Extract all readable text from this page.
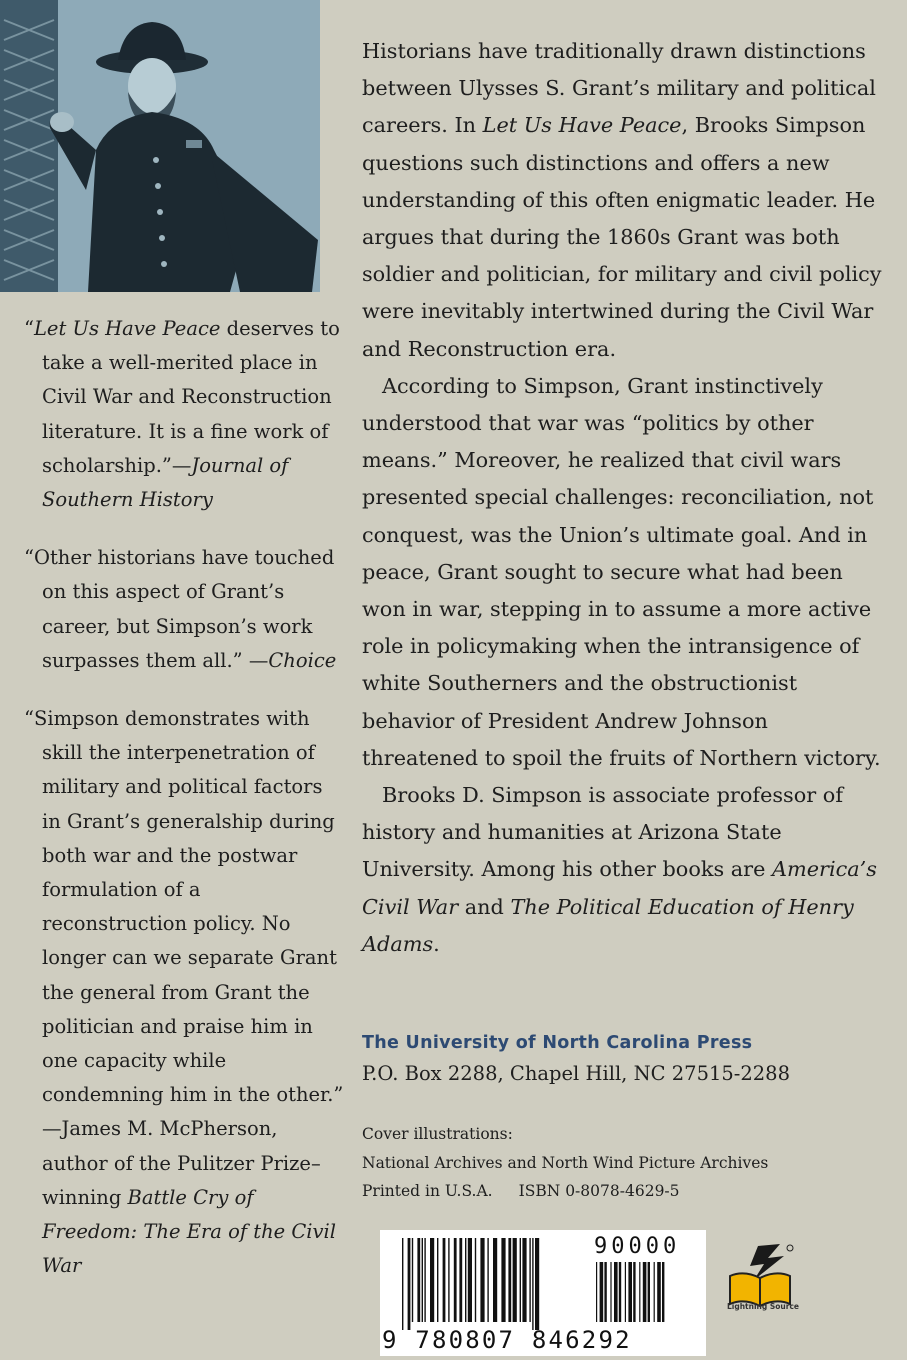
“Let Us Have Peace deserves to take a well-merited place in Civil War and Reconstruction literature. It is a fine work of scholarship.”—Journal of Southern History

“Other historians have touched on this aspect of Grant’s career, but Simpson’s work surpasses them all.” —Choice

“Simpson demonstrates with skill the interpenetration of military and political factors in Grant’s generalship during both war and the postwar formulation of a reconstruction policy. No longer can we separate Grant the general from Grant the politician and praise him in one capacity while condemning him in the other.”

—James M. McPherson, author of the Pulitzer Prize–winning Battle Cry of Freedom: The Era of the Civil War

Historians have traditionally drawn distinctions between Ulysses S. Grant’s military and political careers. In Let Us Have Peace, Brooks Simpson questions such distinctions and offers a new understanding of this often enigmatic leader. He argues that during the 1860s Grant was both soldier and politician, for military and civil policy were inevitably intertwined during the Civil War and Reconstruction era.

According to Simpson, Grant instinctively understood that war was “politics by other means.” Moreover, he realized that civil wars presented special challenges: reconciliation, not conquest, was the Union’s ultimate goal. And in peace, Grant sought to secure what had been won in war, stepping in to assume a more active role in policymaking when the intransigence of white Southerners and the obstructionist behavior of President Andrew Johnson threatened to spoil the fruits of Northern victory.

Brooks D. Simpson is associate professor of history and humanities at Arizona State University. Among his other books are America’s Civil War and The Political Education of Henry Adams.

The University of North Carolina Press
P.O. Box 2288, Chapel Hill, NC 27515-2288
Cover illustrations:
National Archives and North Wind Picture Archives
Printed in U.S.A. ISBN 0-8078-4629-5
9 780807 846292
90000
Lightning Source
